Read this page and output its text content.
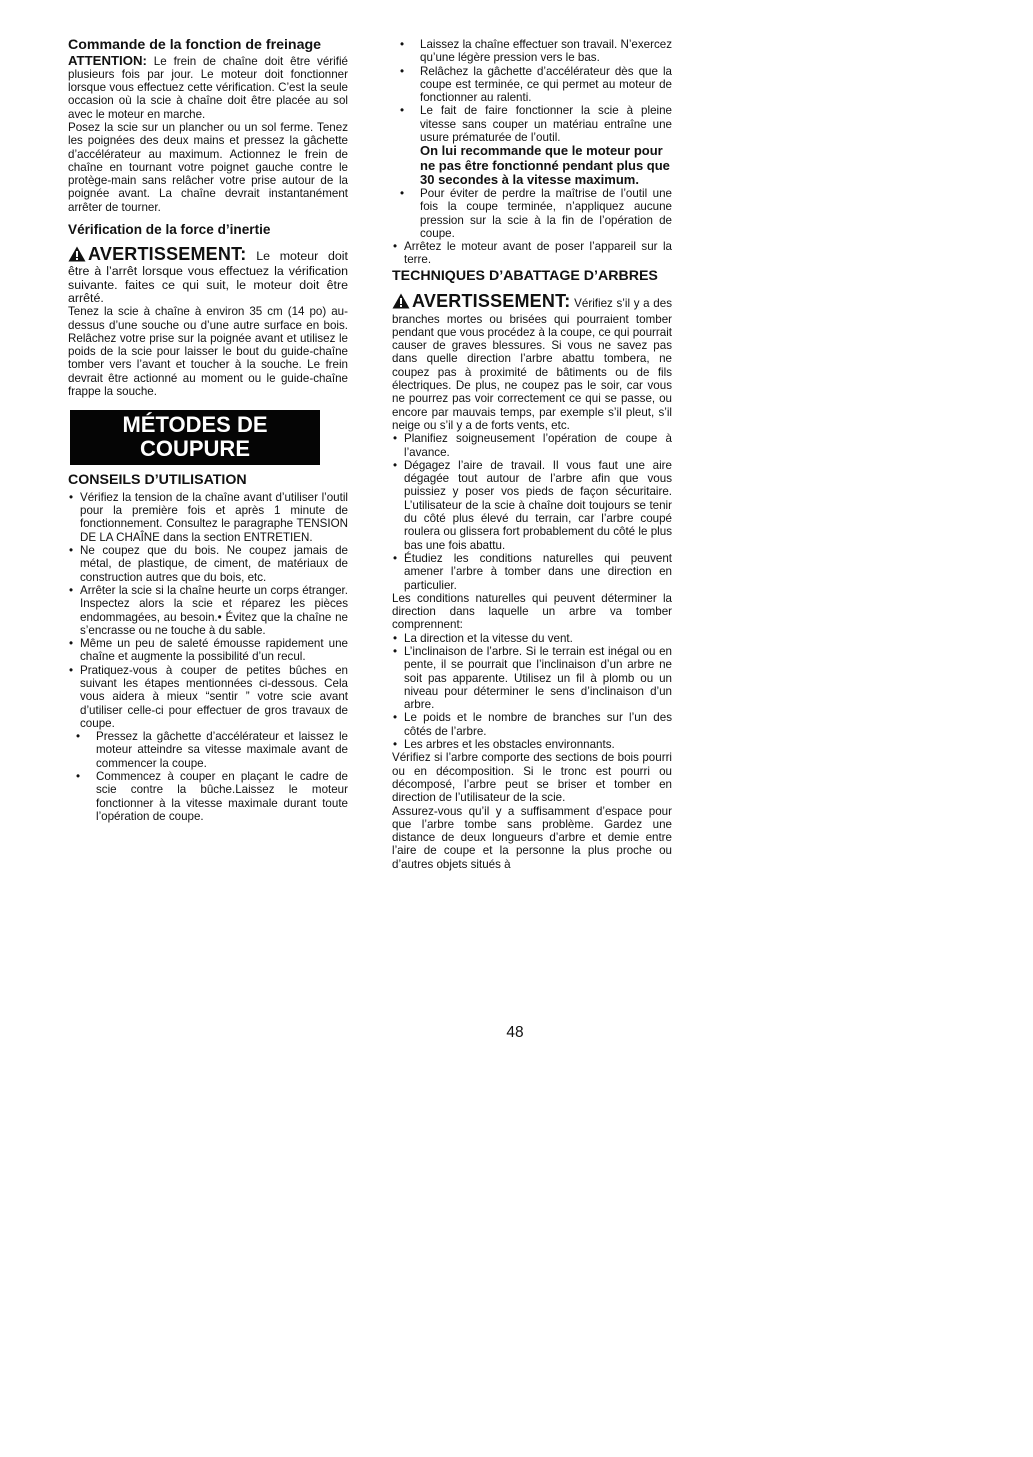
Commande de la fonction de freinage

ATTENTION: Le frein de chaîne doit être vérifié plusieurs fois par jour. Le moteur doit fonctionner lorsque vous effectuez cette vérification. C’est la seule occasion où la scie à chaîne doit être placée au sol avec le moteur en marche.

Posez la scie sur un plancher ou un sol ferme. Tenez les poignées des deux mains et pressez la gâchette d’accélérateur au maximum. Actionnez le frein de chaîne en tournant votre poignet gauche contre le protège-main sans relâcher votre prise autour de la poignée avant. La chaîne devrait instantanément arrêter de tourner.

Vérification de la force d’inertie

AVERTISSEMENT: Le moteur doit être à l’arrêt lorsque vous effectuez la vérification suivante. faites ce qui suit, le moteur doit être arrêté.

Tenez la scie à chaîne à environ 35 cm (14 po) au-dessus d’une souche ou d’une autre surface en bois. Relâchez votre prise sur la poignée avant et utilisez le poids de la scie pour laisser le bout du guide-chaîne tomber vers l’avant et toucher à la souche. Le frein devrait être actionné au moment ou le guide-chaîne frappe la souche.

MÉTODES DE
COUPURE
CONSEILS D’UTILISATION
• Vérifiez la tension de la chaîne avant d’utiliser l’outil pour la première fois et après 1 minute de fonctionnement. Consultez le paragraphe TENSION DE LA CHAÎNE dans la section ENTRETIEN.
• Ne coupez que du bois. Ne coupez jamais de métal, de plastique, de ciment, de matériaux de construction autres que du bois, etc.
• Arrêter la scie si la chaîne heurte un corps étranger. Inspectez alors la scie et réparez les pièces endommagées, au besoin.• Évitez que la chaîne ne s’encrasse ou ne touche à du sable.
• Même un peu de saleté émousse rapidement une chaîne et augmente la possibilité d’un recul.
• Pratiquez-vous à couper de petites bûches en suivant les étapes mentionnées ci-dessous. Cela vous aidera à mieux “sentir ” votre scie avant d’utiliser celle-ci pour effectuer de gros travaux de coupe.
• Pressez la gâchette d’accélérateur et laissez le moteur atteindre sa vitesse maximale avant de commencer la coupe.
• Commencez à couper en plaçant le cadre de scie contre la bûche.Laissez le moteur fonctionner à la vitesse maximale durant toute l’opération de coupe.
• Laissez la chaîne effectuer son travail. N’exercez qu’une légère pression vers le bas.
• Relâchez la gâchette d’accélérateur dès que la coupe est terminée, ce qui permet au moteur de fonctionner au ralenti.
• Le fait de faire fonctionner la scie à pleine vitesse sans couper un matériau entraîne une usure prématurée de l’outil.
On lui recommande que le moteur pour ne pas être fonctionné pendant plus que 30 secondes à la vitesse maximum.
• Pour éviter de perdre la maîtrise de l’outil une fois la coupe terminée, n’appliquez aucune pression sur la scie à la fin de l’opération de coupe.
• Arrêtez le moteur avant de poser l’appareil sur la terre.
TECHNIQUES D’ABATTAGE D’ARBRES

AVERTISSEMENT: Vérifiez s’il y a des branches mortes ou brisées qui pourraient tomber pendant que vous procédez à la coupe, ce qui pourrait causer de graves blessures. Si vous ne savez pas dans quelle direction l’arbre abattu tombera, ne coupez pas à proximité de bâtiments ou de fils électriques. De plus, ne coupez pas le soir, car vous ne pourrez pas voir correctement ce qui se passe, ou encore par mauvais temps, par exemple s’il pleut, s’il neige ou s’il y a de forts vents, etc.

• Planifiez soigneusement l’opération de coupe à l’avance.
• Dégagez l’aire de travail. Il vous faut une aire dégagée tout autour de l’arbre afin que vous puissiez y poser vos pieds de façon sécuritaire. L’utilisateur de la scie à chaîne doit toujours se tenir du côté plus élevé du terrain, car l’arbre coupé roulera ou glissera fort probablement du côté le plus bas une fois abattu.
• Étudiez les conditions naturelles qui peuvent amener l’arbre à tomber dans une direction en particulier.

Les conditions naturelles qui peuvent déterminer la direction dans laquelle un arbre va tomber comprennent:

• La direction et la vitesse du vent.
• L’inclinaison de l’arbre. Si le terrain est inégal ou en pente, il se pourrait que l’inclinaison d’un arbre ne soit pas apparente. Utilisez un fil à plomb ou un niveau pour déterminer le sens d’inclinaison d’un arbre.
• Le poids et le nombre de branches sur l’un des côtés de l’arbre.
• Les arbres et les obstacles environnants.

Vérifiez si l’arbre comporte des sections de bois pourri ou en décomposition. Si le tronc est pourri ou décomposé, l’arbre peut se briser et tomber en direction de l’utilisateur de la scie.

Assurez-vous qu’il y a suffisamment d’espace pour que l’arbre tombe sans problème. Gardez une distance de deux longueurs d’arbre et demie entre l’aire de coupe et la personne la plus proche ou d’autres objets situés à

48
